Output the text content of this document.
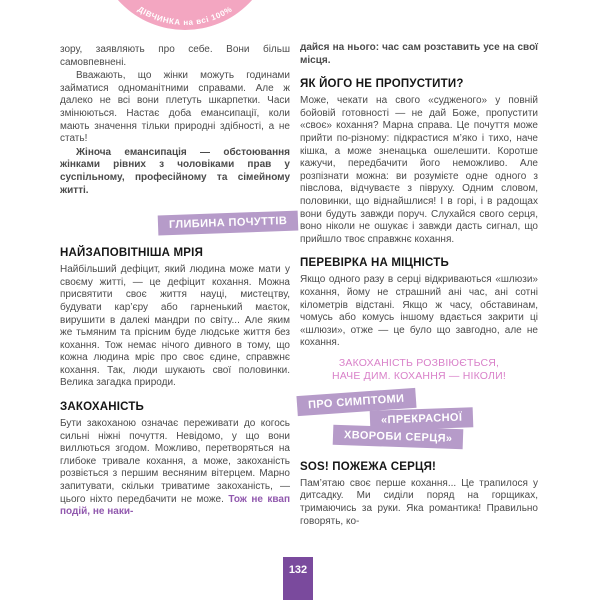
ДІВЧИНКА на всі 100%

зору, заявляють про себе. Вони більш самовпевнені.

Вважають, що жінки можуть годинами займатися одноманітними справами. Але ж далеко не всі вони плетуть шкарпетки. Часи змінюються. Настає доба емансипації, коли мають значення тільки природні здібності, а не стать!

Жіноча емансипація — обстоювання жінками рівних з чоловіками прав у суспільному, професійному та сімейному житті.

ГЛИБИНА ПОЧУТТІВ
НАЙЗАПОВІТНІША МРІЯ

Найбільший дефіцит, який людина може мати у своєму житті, — це дефіцит кохання. Можна присвятити своє життя науці, мистецтву, будувати кар’єру або гарненький маєток, вирушити в далекі мандри по світу... Але яким же тьмяним та прісним буде людське життя без кохання. Тож немає нічого дивного в тому, що кожна людина мріє про своє єдине, справжнє кохання. Так, люди шукають свої половинки. Велика загадка природи.

ЗАКОХАНІСТЬ

Бути закоханою означає переживати до когось сильні ніжні почуття. Невідомо, у що вони виллються згодом. Можливо, перетворяться на глибоке тривале кохання, а може, закоханість розвіється з першим весняним вітерцем. Марно запитувати, скільки триватиме закоханість, — цього ніхто передбачити не може. Тож не квап подій, не наки-

дайся на нього: час сам розставить усе на свої місця.

ЯК ЙОГО НЕ ПРОПУСТИТИ?

Може, чекати на свого «судженого» у повній бойовій готовності — не дай Боже, пропустити «своє» кохання? Марна справа. Це почуття може прийти по-різному: підкрастися м’яко і тихо, наче кішка, а може зненацька ошелешити. Коротше кажучи, передбачити його неможливо. Але розпізнати можна: ви розумієте одне одного з півслова, відчуваєте з півруху. Одним словом, половинки, що віднайшлися! І в горі, і в радощах вони будуть завжди поруч. Слухайся свого серця, воно ніколи не ошукає і завжди дасть сигнал, що прийшло твоє справжнє кохання.

ПЕРЕВІРКА НА МІЦНІСТЬ

Якщо одного разу в серці відкриваються «шлюзи» кохання, йому не страшний ані час, ані сотні кілометрів відстані. Якщо ж часу, обставинам, чомусь або комусь іншому вдається закрити ці «шлюзи», отже — це було що завгодно, але не кохання.

ЗАКОХАНІСТЬ РОЗВІЮЄТЬСЯ,
НАЧЕ ДИМ. КОХАННЯ — НІКОЛИ!
ПРО СИМПТОМИ
«ПРЕКРАСНОЇ
ХВОРОБИ СЕРЦЯ»
SOS! ПОЖЕЖА СЕРЦЯ!

Пам’ятаю своє перше кохання... Це трапилося у дитсадку. Ми сиділи поряд на горщиках, тримаючись за руки. Яка романтика! Правильно говорять, ко-

132
